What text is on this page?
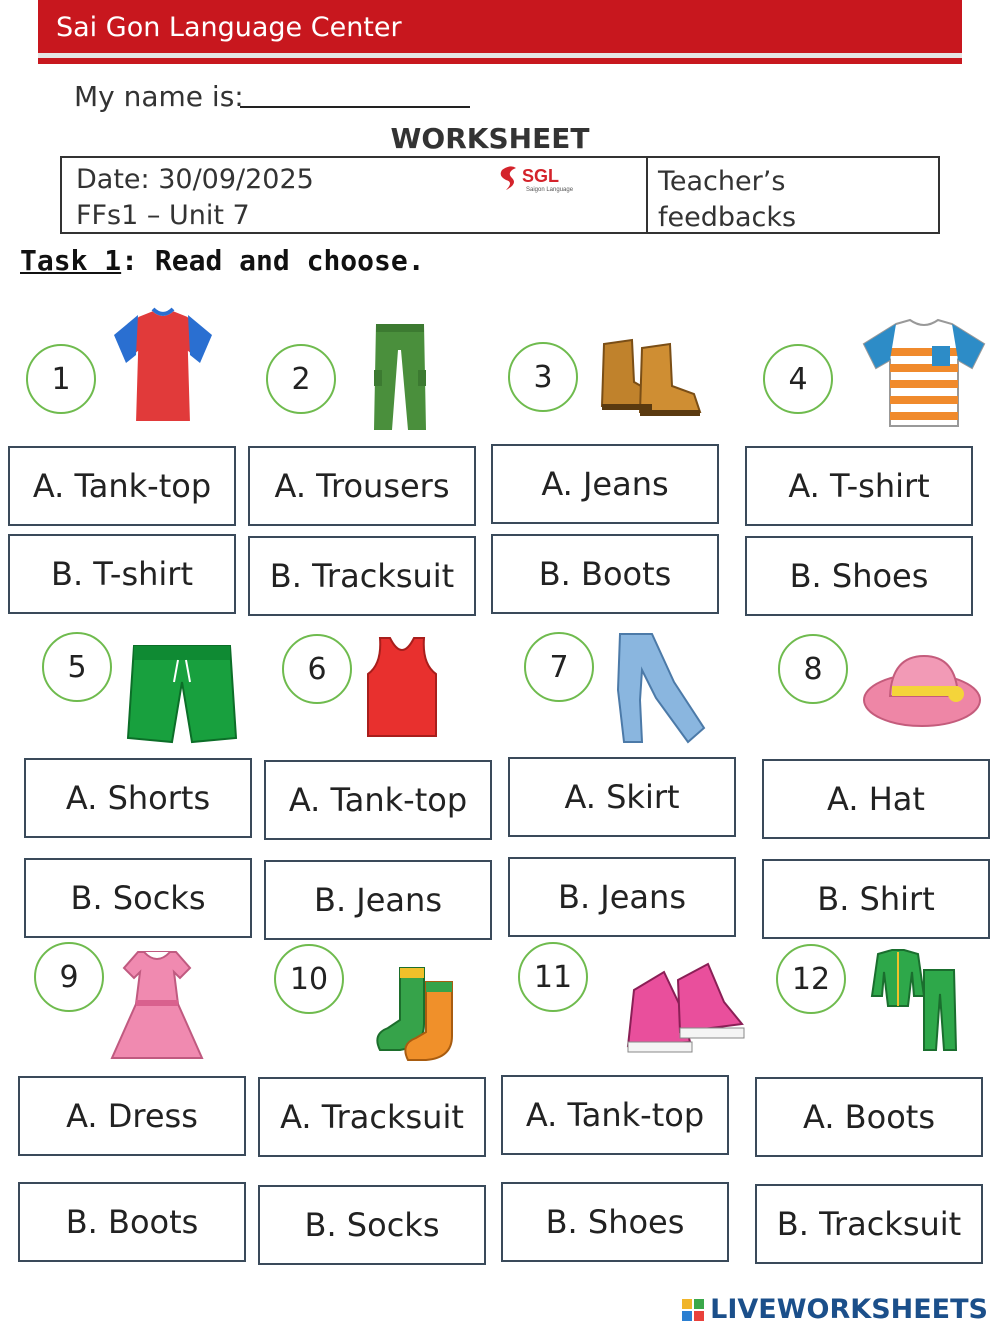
Sai Gon Language Center
My name is:
WORKSHEET
Date: 30/09/2025
FFs1 – Unit 7
SGL
Saigon Language	Teacher’s
feedbacks
Task 1: Read and choose.
1
A. Tank-top
B. T-shirt
2
A. Trousers
B. Tracksuit
3
A. Jeans
B. Boots
4
A. T-shirt
B. Shoes
5
A. Shorts
B. Socks
6
A. Tank-top
B. Jeans
7
A. Skirt
B. Jeans
8
A. Hat
B. Shirt
9
A. Dress
B. Boots
10
A. Tracksuit
B. Socks
11
A. Tank-top
B. Shoes
12
A. Boots
B. Tracksuit
LIVEWORKSHEETS
